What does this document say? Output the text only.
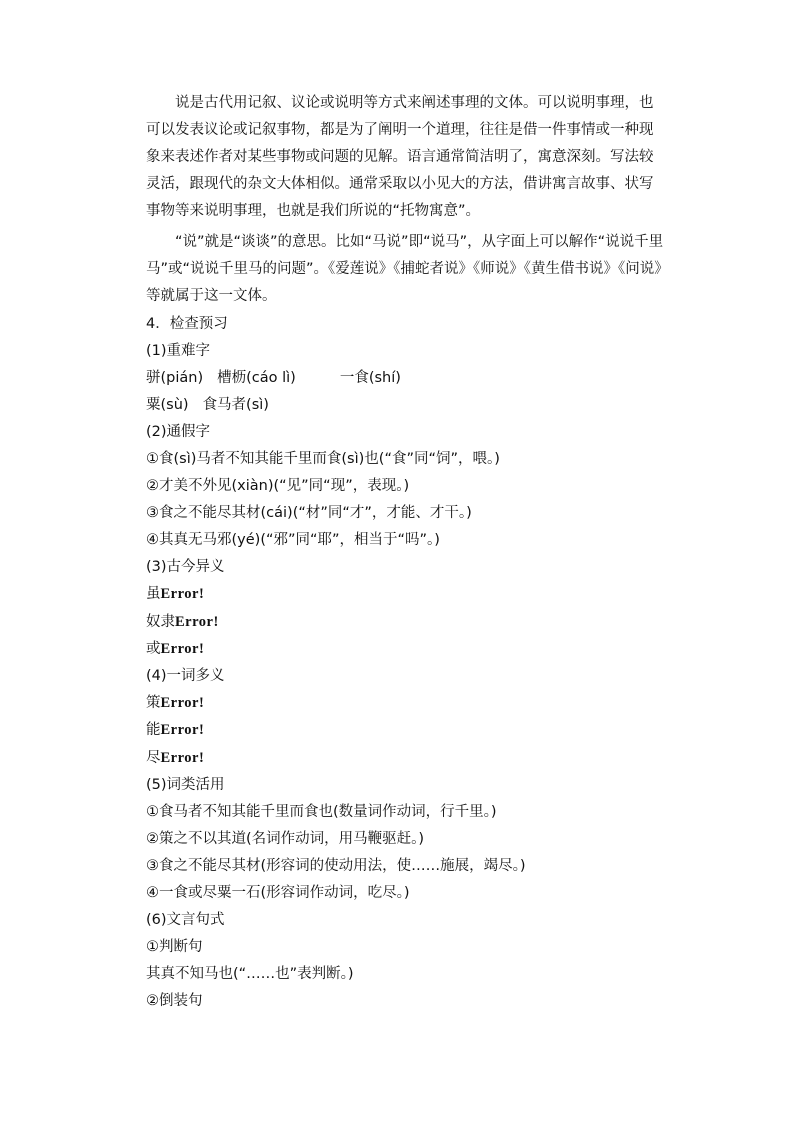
　　说是古代用记叙、议论或说明等方式来阐述事理的文体。可以说明事理，也可以发表议论或记叙事物，都是为了阐明一个道理，往往是借一件事情或一种现象来表述作者对某些事物或问题的见解。语言通常简洁明了，寓意深刻。写法较灵活，跟现代的杂文大体相似。通常采取以小见大的方法，借讲寓言故事、状写事物等来说明事理，也就是我们所说的“托物寓意”。

　　“说”就是“谈谈”的意思。比如“马说”即“说马”，从字面上可以解作“说说千里马”或“说说千里马的问题”。《爱莲说》《捕蛇者说》《师说》《黄生借书说》《问说》等就属于这一文体。

4．检查预习
(1)重难字
骈(pián) 槽枥(cáo lì)	一食(shí)
粟(sù) 食马者(sì)
(2)通假字
①食(sì)马者不知其能千里而食(sì)也(“食”同“饲”，喂。)
②才美不外见(xiàn)(“见”同“现”，表现。)
③食之不能尽其材(cái)(“材”同“才”，才能、才干。)
④其真无马邪(yé)(“邪”同“耶”，相当于“吗”。)
(3)古今异义
虽Error!
奴隶Error!
或Error!
(4)一词多义
策Error!
能Error!
尽Error!
(5)词类活用
①食马者不知其能千里而食也(数量词作动词，行千里。)
②策之不以其道(名词作动词，用马鞭驱赶。)
③食之不能尽其材(形容词的使动用法，使……施展，竭尽。)
④一食或尽粟一石(形容词作动词，吃尽。)
(6)文言句式
①判断句
其真不知马也(“……也”表判断。)
②倒装句
